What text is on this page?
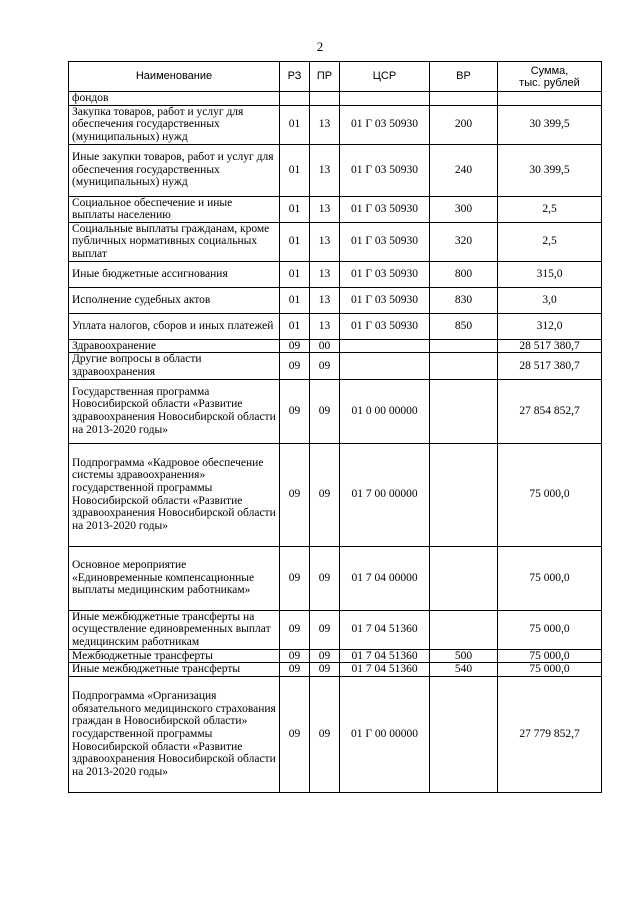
2
Наименование	РЗ	ПР	ЦСР	ВР	Сумма,
тыс. рублей
фондов					
Закупка товаров, работ и услуг для обеспечения государственных (муниципальных) нужд	01	13	01 Г 03 50930	200	30 399,5
Иные закупки товаров, работ и услуг для обеспечения государственных (муниципальных) нужд	01	13	01 Г 03 50930	240	30 399,5
Социальное обеспечение и иные выплаты населению	01	13	01 Г 03 50930	300	2,5
Социальные выплаты гражданам, кроме публичных нормативных социальных выплат	01	13	01 Г 03 50930	320	2,5
Иные бюджетные ассигнования	01	13	01 Г 03 50930	800	315,0
Исполнение судебных актов	01	13	01 Г 03 50930	830	3,0
Уплата налогов, сборов и иных платежей	01	13	01 Г 03 50930	850	312,0
Здравоохранение	09	00			28 517 380,7
Другие вопросы в области здравоохранения	09	09			28 517 380,7
Государственная программа Новосибирской области «Развитие здравоохранения Новосибирской области на 2013-2020 годы»	09	09	01 0 00 00000		27 854 852,7
Подпрограмма «Кадровое обеспечение системы здравоохранения» государственной программы Новосибирской области «Развитие здравоохранения Новосибирской области на 2013-2020 годы»	09	09	01 7 00 00000		75 000,0
Основное мероприятие «Единовременные компенсационные выплаты медицинским работникам»	09	09	01 7 04 00000		75 000,0
Иные межбюджетные трансферты на осуществление единовременных выплат медицинским работникам	09	09	01 7 04 51360		75 000,0
Межбюджетные трансферты	09	09	01 7 04 51360	500	75 000,0
Иные межбюджетные трансферты	09	09	01 7 04 51360	540	75 000,0
Подпрограмма «Организация обязательного медицинского страхования граждан в Новосибирской области» государственной программы Новосибирской области «Развитие здравоохранения Новосибирской области на 2013-2020 годы»	09	09	01 Г 00 00000		27 779 852,7
